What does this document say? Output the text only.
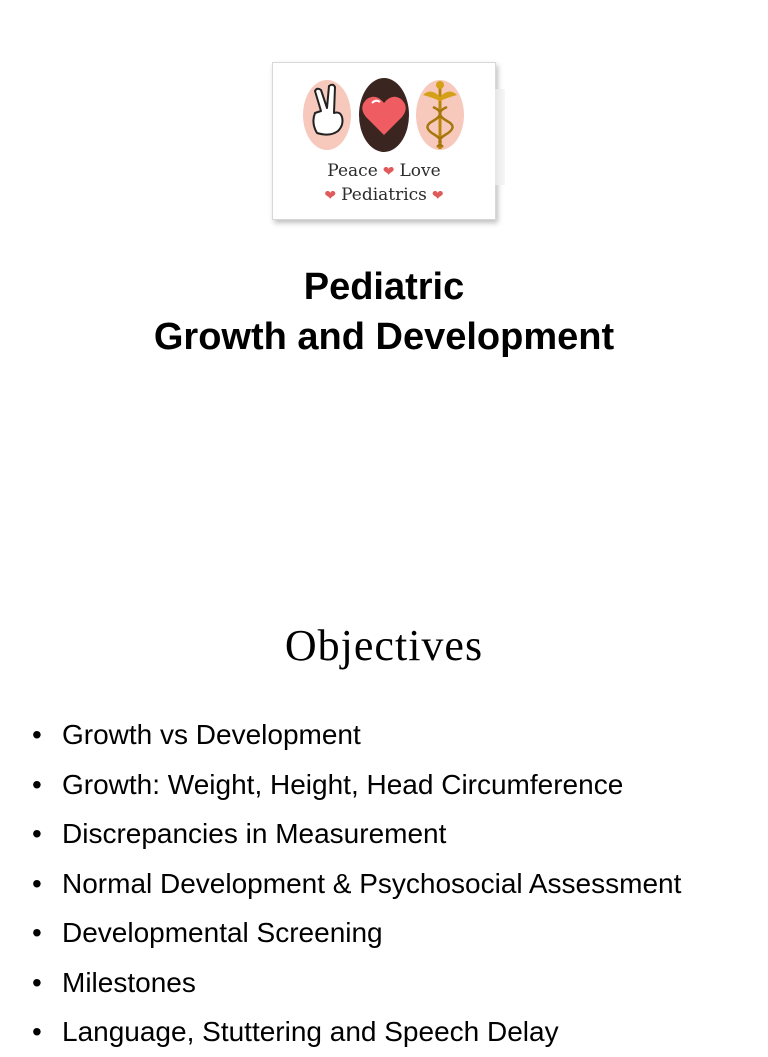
Peace ❤ Love
❤ Pediatrics ❤
Pediatric
Growth and Development
Objectives
• Growth vs Development
• Growth: Weight, Height, Head Circumference
• Discrepancies in Measurement
• Normal Development & Psychosocial Assessment
• Developmental Screening
• Milestones
• Language, Stuttering and Speech Delay
